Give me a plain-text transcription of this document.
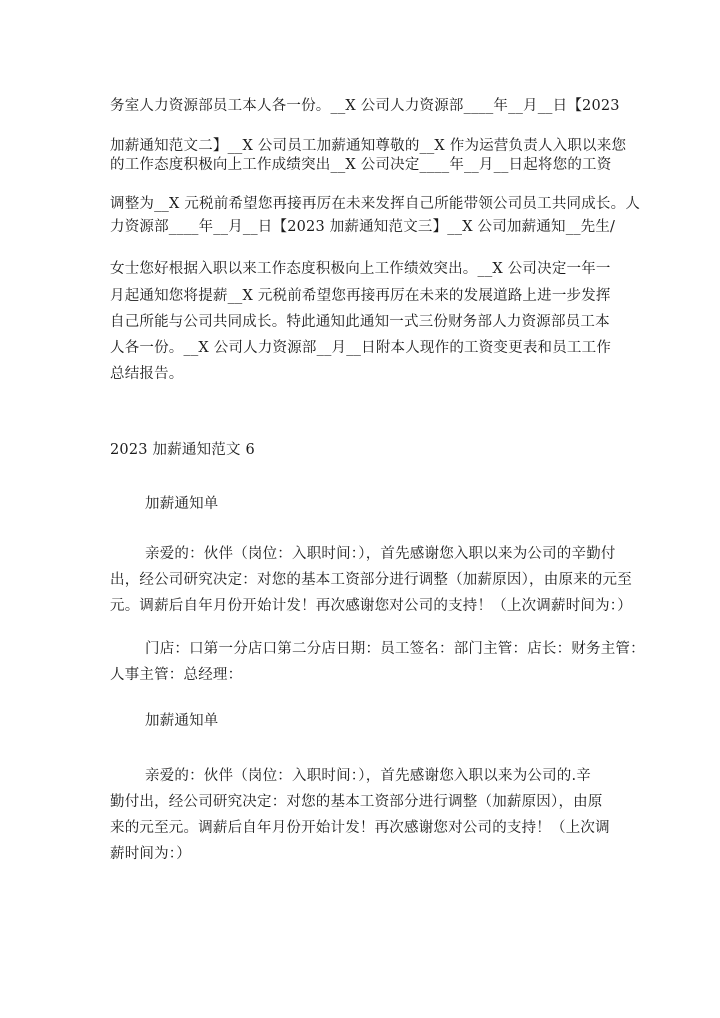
务室人力资源部员工本人各一份。__X 公司人力资源部____年__月__日【2023
加薪通知范文二】__X 公司员工加薪通知尊敬的__X 作为运营负责人入职以来您
的工作态度积极向上工作成绩突出__X 公司决定____年__月__日起将您的工资
调整为__X 元税前希望您再接再厉在未来发挥自己所能带领公司员工共同成长。人
力资源部____年__月__日【2023 加薪通知范文三】__X 公司加薪通知__先生/
女士您好根据入职以来工作态度积极向上工作绩效突出。__X 公司决定一年一
月起通知您将提薪__X 元税前希望您再接再厉在未来的发展道路上进一步发挥
自己所能与公司共同成长。特此通知此通知一式三份财务部人力资源部员工本
人各一份。__X 公司人力资源部__月__日附本人现作的工资变更表和员工工作
总结报告。
2023 加薪通知范文 6
加薪通知单
亲爱的：伙伴（岗位：入职时间：），首先感谢您入职以来为公司的辛勤付
出，经公司研究决定：对您的基本工资部分进行调整（加薪原因），由原来的元至
元。调薪后自年月份开始计发！再次感谢您对公司的支持！（上次调薪时间为：）
门店：口第一分店口第二分店日期：员工签名：部门主管：店长：财务主管：
人事主管：总经理：
加薪通知单
亲爱的：伙伴（岗位：入职时间：），首先感谢您入职以来为公司的.辛
勤付出，经公司研究决定：对您的基本工资部分进行调整（加薪原因），由原
来的元至元。调薪后自年月份开始计发！再次感谢您对公司的支持！（上次调
薪时间为：）
